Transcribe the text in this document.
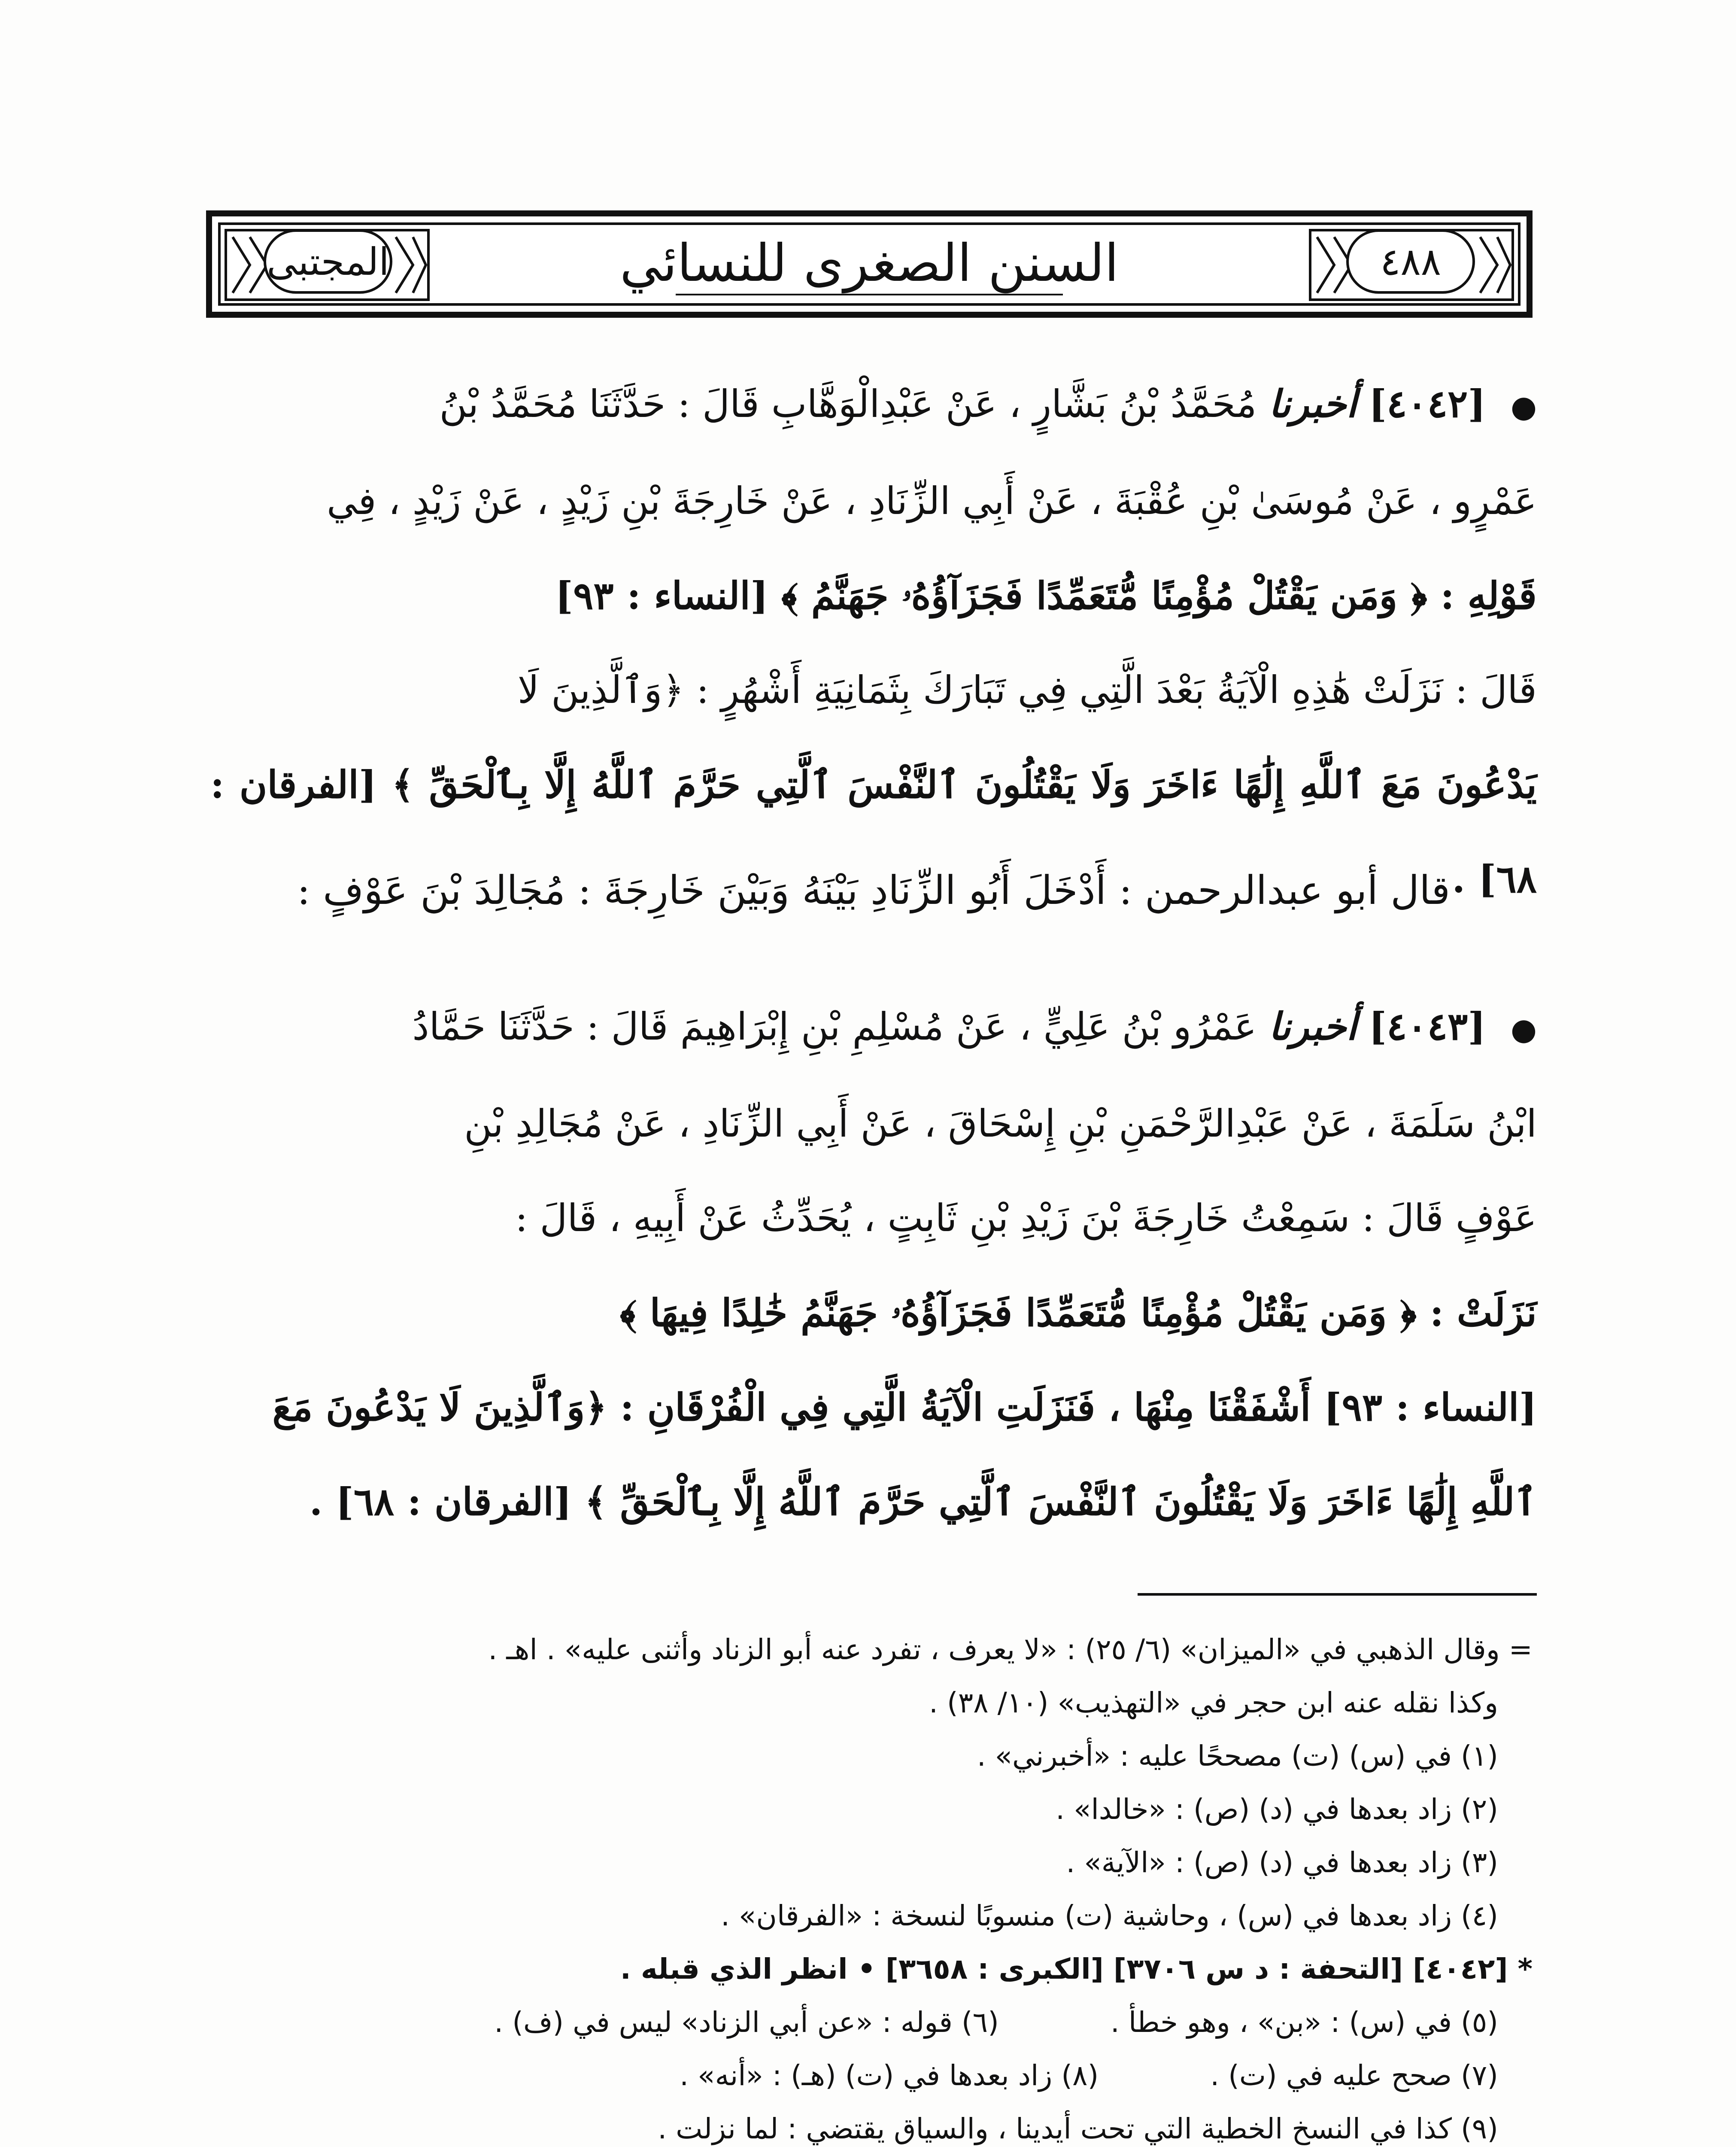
المجتبى	٤٨٨
السنن الصغرى للنسائي
● [٤٠٤٢] أخبرنا مُحَمَّدُ بْنُ بَشَّارٍ ، عَنْ عَبْدِالْوَهَّابِ قَالَ : حَدَّثَنَا مُحَمَّدُ بْنُ
عَمْرٍو ، عَنْ مُوسَىٰ بْنِ عُقْبَةَ ، عَنْ أَبِي الزِّنَادِ ، عَنْ خَارِجَةَ بْنِ زَيْدٍ ، عَنْ زَيْدٍ ، فِي
قَوْلِهِ : ﴿ وَمَن يَقْتُلْ مُؤْمِنًا مُّتَعَمِّدًا فَجَزَآؤُهُۥ جَهَنَّمُ ﴾ [النساء : ٩٣]
قَالَ : نَزَلَتْ هَٰذِهِ الْآيَةُ بَعْدَ الَّتِي فِي تَبَارَكَ بِثَمَانِيَةِ أَشْهُرٍ : ﴿وَٱلَّذِينَ لَا
يَدْعُونَ مَعَ ٱللَّهِ إِلَٰهًا ءَاخَرَ وَلَا يَقْتُلُونَ ٱلنَّفْسَ ٱلَّتِي حَرَّمَ ٱللَّهُ إِلَّا بِٱلْحَقِّ ﴾ [الفرقان : ٦٨] .
قال أبو عبدالرحمن : أَدْخَلَ أَبُو الزِّنَادِ بَيْنَهُ وَبَيْنَ خَارِجَةَ : مُجَالِدَ بْنَ عَوْفٍ :
● [٤٠٤٣] أخبرنا عَمْرُو بْنُ عَلِيٍّ ، عَنْ مُسْلِمِ بْنِ إِبْرَاهِيمَ قَالَ : حَدَّثَنَا حَمَّادُ
ابْنُ سَلَمَةَ ، عَنْ عَبْدِالرَّحْمَنِ بْنِ إِسْحَاقَ ، عَنْ أَبِي الزِّنَادِ ، عَنْ مُجَالِدِ بْنِ
عَوْفٍ قَالَ : سَمِعْتُ خَارِجَةَ بْنَ زَيْدِ بْنِ ثَابِتٍ ، يُحَدِّثُ عَنْ أَبِيهِ ، قَالَ :
نَزَلَتْ : ﴿ وَمَن يَقْتُلْ مُؤْمِنًا مُّتَعَمِّدًا فَجَزَآؤُهُۥ جَهَنَّمُ خَٰلِدًا فِيهَا ﴾
[النساء : ٩٣] أَشْفَقْنَا مِنْهَا ، فَنَزَلَتِ الْآيَةُ الَّتِي فِي الْفُرْقَانِ : ﴿وَٱلَّذِينَ لَا يَدْعُونَ مَعَ
ٱللَّهِ إِلَٰهًا ءَاخَرَ وَلَا يَقْتُلُونَ ٱلنَّفْسَ ٱلَّتِي حَرَّمَ ٱللَّهُ إِلَّا بِٱلْحَقِّ ﴾ [الفرقان : ٦٨] .
= وقال الذهبي في «الميزان» (٦/ ٢٥) : «لا يعرف ، تفرد عنه أبو الزناد وأثنى عليه» . اهـ .
وكذا نقله عنه ابن حجر في «التهذيب» (١٠/ ٣٨) .
(١) في (س) (ت) مصححًا عليه : «أخبرني» .
(٢) زاد بعدها في (د) (ص) : «خالدا» .
(٣) زاد بعدها في (د) (ص) : «الآية» .
(٤) زاد بعدها في (س) ، وحاشية (ت) منسوبًا لنسخة : «الفرقان» .
* [٤٠٤٢] [التحفة : د س ٣٧٠٦] [الكبرى : ٣٦٥٨] • انظر الذي قبله .
(٥) في (س) : «بن» ، وهو خطأ .
(٦) قوله : «عن أبي الزناد» ليس في (ف) .
(٧) صحح عليه في (ت) .
(٨) زاد بعدها في (ت) (هـ) : «أنه» .
(٩) كذا في النسخ الخطية التي تحت أيدينا ، والسياق يقتضي : لما نزلت .
